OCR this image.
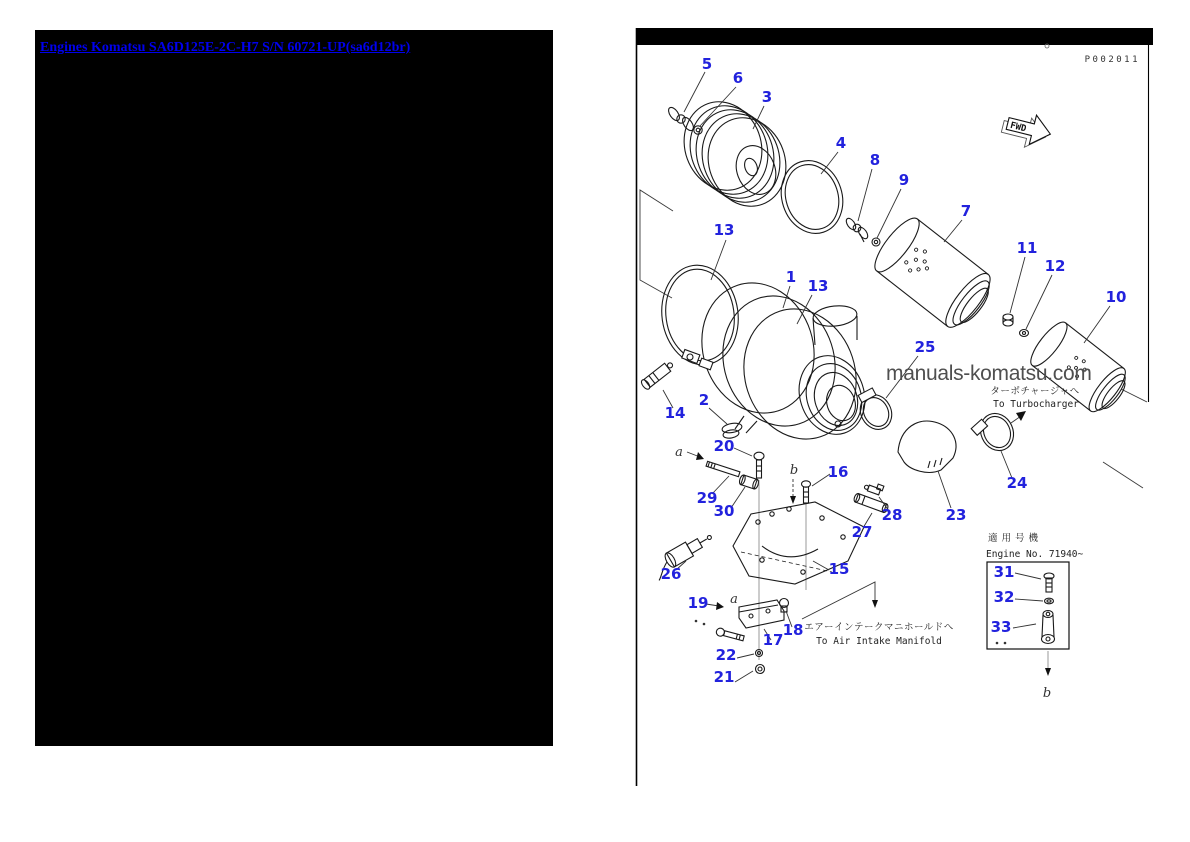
Engines Komatsu SA6D125E-2C-H7 S/N 60721-UP(sa6d12br)
P002011
FWD
5
6
3
4
8
9
7
11
12
10
13
1 13
25
2
14
20
29
30
16
27
28
15
26
19
17
18
22
21
23
24
31
32
33
a
b
a
b
ターボチャージャへ
To Turbocharger
エアーインテークマニホールドへ
To Air Intake Manifold
適用号機
Engine No. 71940~
manuals-komatsu.com
